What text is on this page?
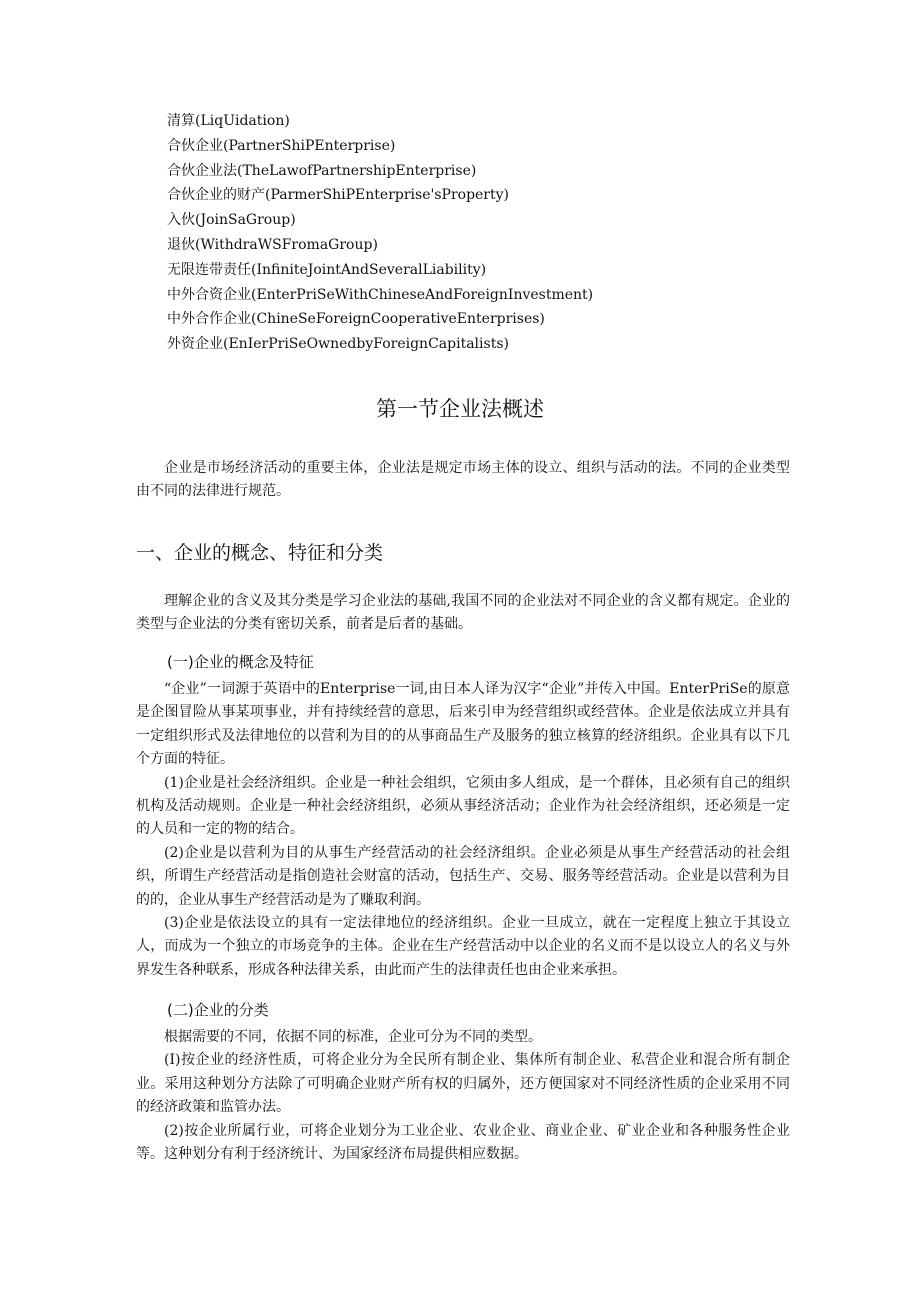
清算(LiqUidation)
合伙企业(PartnerShiPEnterprise)
合伙企业法(TheLawofPartnershipEnterprise)
合伙企业的财产(ParmerShiPEnterprise'sProperty)
入伙(JoinSaGroup)
退伙(WithdraWSFromaGroup)
无限连带责任(InfiniteJointAndSeveralLiability)
中外合资企业(EnterPriSeWithChineseAndForeignInvestment)
中外合作企业(ChineSeForeignCooperativeEnterprises)
外资企业(EnIerPriSeOwnedbyForeignCapitalists)
第一节企业法概述

企业是市场经济活动的重要主体，企业法是规定市场主体的设立、组织与活动的法。不同的企业类型由不同的法律进行规范。

一、企业的概念、特征和分类

理解企业的含义及其分类是学习企业法的基础,我国不同的企业法对不同企业的含义都有规定。企业的类型与企业法的分类有密切关系，前者是后者的基础。

(一)企业的概念及特征

“企业”一词源于英语中的Enterprise一词,由日本人译为汉字“企业”并传入中国。EnterPriSe的原意是企图冒险从事某项事业，并有持续经营的意思，后来引申为经营组织或经营体。企业是依法成立并具有一定组织形式及法律地位的以营利为目的的从事商品生产及服务的独立核算的经济组织。企业具有以下几个方面的特征。

(1)企业是社会经济组织。企业是一种社会组织，它须由多人组成，是一个群体，且必须有自己的组织机构及活动规则。企业是一种社会经济组织，必须从事经济活动；企业作为社会经济组织，还必须是一定的人员和一定的物的结合。

(2)企业是以营利为目的从事生产经营活动的社会经济组织。企业必须是从事生产经营活动的社会组织，所谓生产经营活动是指创造社会财富的活动，包括生产、交易、服务等经营活动。企业是以营利为目的的，企业从事生产经营活动是为了赚取利润。

(3)企业是依法设立的具有一定法律地位的经济组织。企业一旦成立，就在一定程度上独立于其设立人，而成为一个独立的市场竞争的主体。企业在生产经营活动中以企业的名义而不是以设立人的名义与外界发生各种联系，形成各种法律关系，由此而产生的法律责任也由企业来承担。

(二)企业的分类

根据需要的不同，依据不同的标准，企业可分为不同的类型。

(I)按企业的经济性质，可将企业分为全民所有制企业、集体所有制企业、私营企业和混合所有制企业。采用这种划分方法除了可明确企业财产所有权的归属外，还方便国家对不同经济性质的企业采用不同的经济政策和监管办法。

(2)按企业所属行业，可将企业划分为工业企业、农业企业、商业企业、矿业企业和各种服务性企业等。这种划分有利于经济统计、为国家经济布局提供相应数据。
